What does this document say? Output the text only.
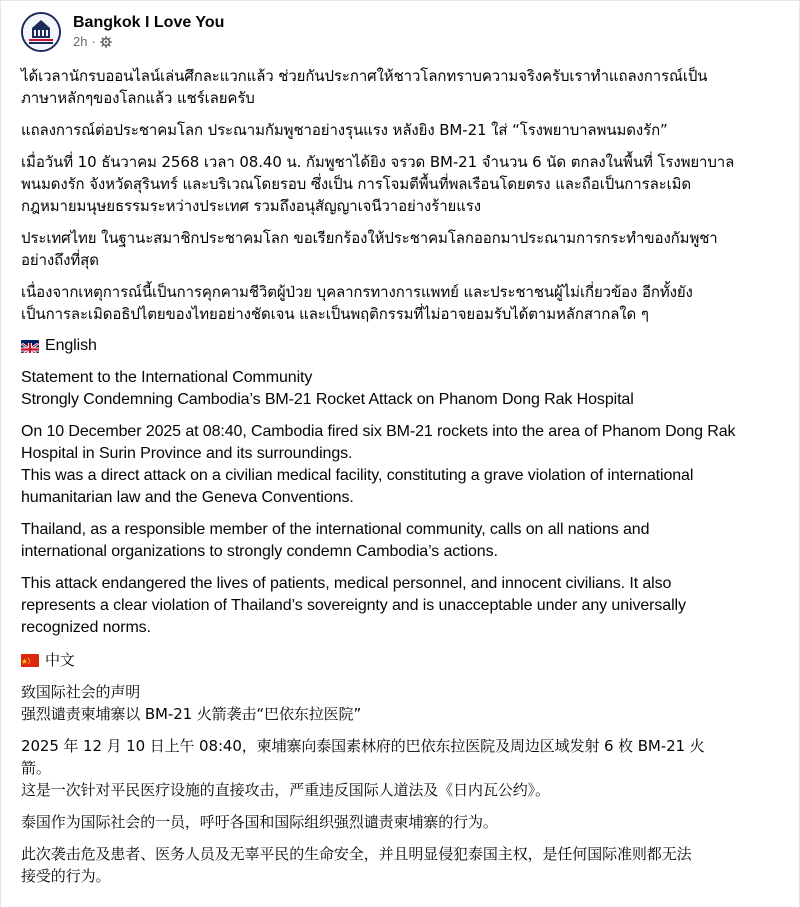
Bangkok I Love You
2h ·
ได้เวลานักรบออนไลน์เล่นศึกละแวกแล้ว ช่วยกันประกาศให้ชาวโลกทราบความจริงครับเราทำแถลงการณ์เป็น
ภาษาหลักๆของโลกแล้ว แชร์เลยครับ
แถลงการณ์ต่อประชาคมโลก ประณามกัมพูชาอย่างรุนแรง หลังยิง BM-21 ใส่ “โรงพยาบาลพนมดงรัก”
เมื่อวันที่ 10 ธันวาคม 2568 เวลา 08.40 น. กัมพูชาได้ยิง จรวด BM-21 จำนวน 6 นัด ตกลงในพื้นที่ โรงพยาบาล
พนมดงรัก จังหวัดสุรินทร์ และบริเวณโดยรอบ ซึ่งเป็น การโจมตีพื้นที่พลเรือนโดยตรง และถือเป็นการละเมิด
กฎหมายมนุษยธรรมระหว่างประเทศ รวมถึงอนุสัญญาเจนีวาอย่างร้ายแรง
ประเทศไทย ในฐานะสมาชิกประชาคมโลก ขอเรียกร้องให้ประชาคมโลกออกมาประณามการกระทำของกัมพูชา
อย่างถึงที่สุด
เนื่องจากเหตุการณ์นี้เป็นการคุกคามชีวิตผู้ป่วย บุคลากรทางการแพทย์ และประชาชนผู้ไม่เกี่ยวข้อง อีกทั้งยัง
เป็นการละเมิดอธิปไตยของไทยอย่างชัดเจน และเป็นพฤติกรรมที่ไม่อาจยอมรับได้ตามหลักสากลใด ๆ
English
Statement to the International Community
Strongly Condemning Cambodia’s BM-21 Rocket Attack on Phanom Dong Rak Hospital
On 10 December 2025 at 08:40, Cambodia fired six BM-21 rockets into the area of Phanom Dong Rak
Hospital in Surin Province and its surroundings.
This was a direct attack on a civilian medical facility, constituting a grave violation of international
humanitarian law and the Geneva Conventions.
Thailand, as a responsible member of the international community, calls on all nations and
international organizations to strongly condemn Cambodia’s actions.
This attack endangered the lives of patients, medical personnel, and innocent civilians. It also
represents a clear violation of Thailand’s sovereignty and is unacceptable under any universally
recognized norms.
中文
致国际社会的声明
强烈谴责柬埔寨以 BM-21 火箭袭击“巴依东拉医院”
2025 年 12 月 10 日上午 08:40，柬埔寨向泰国素林府的巴依东拉医院及周边区域发射 6 枚 BM-21 火
箭。
这是一次针对平民医疗设施的直接攻击，严重违反国际人道法及《日内瓦公约》。
泰国作为国际社会的一员，呼吁各国和国际组织强烈谴责柬埔寨的行为。
此次袭击危及患者、医务人员及无辜平民的生命安全，并且明显侵犯泰国主权，是任何国际准则都无法
接受的行为。
